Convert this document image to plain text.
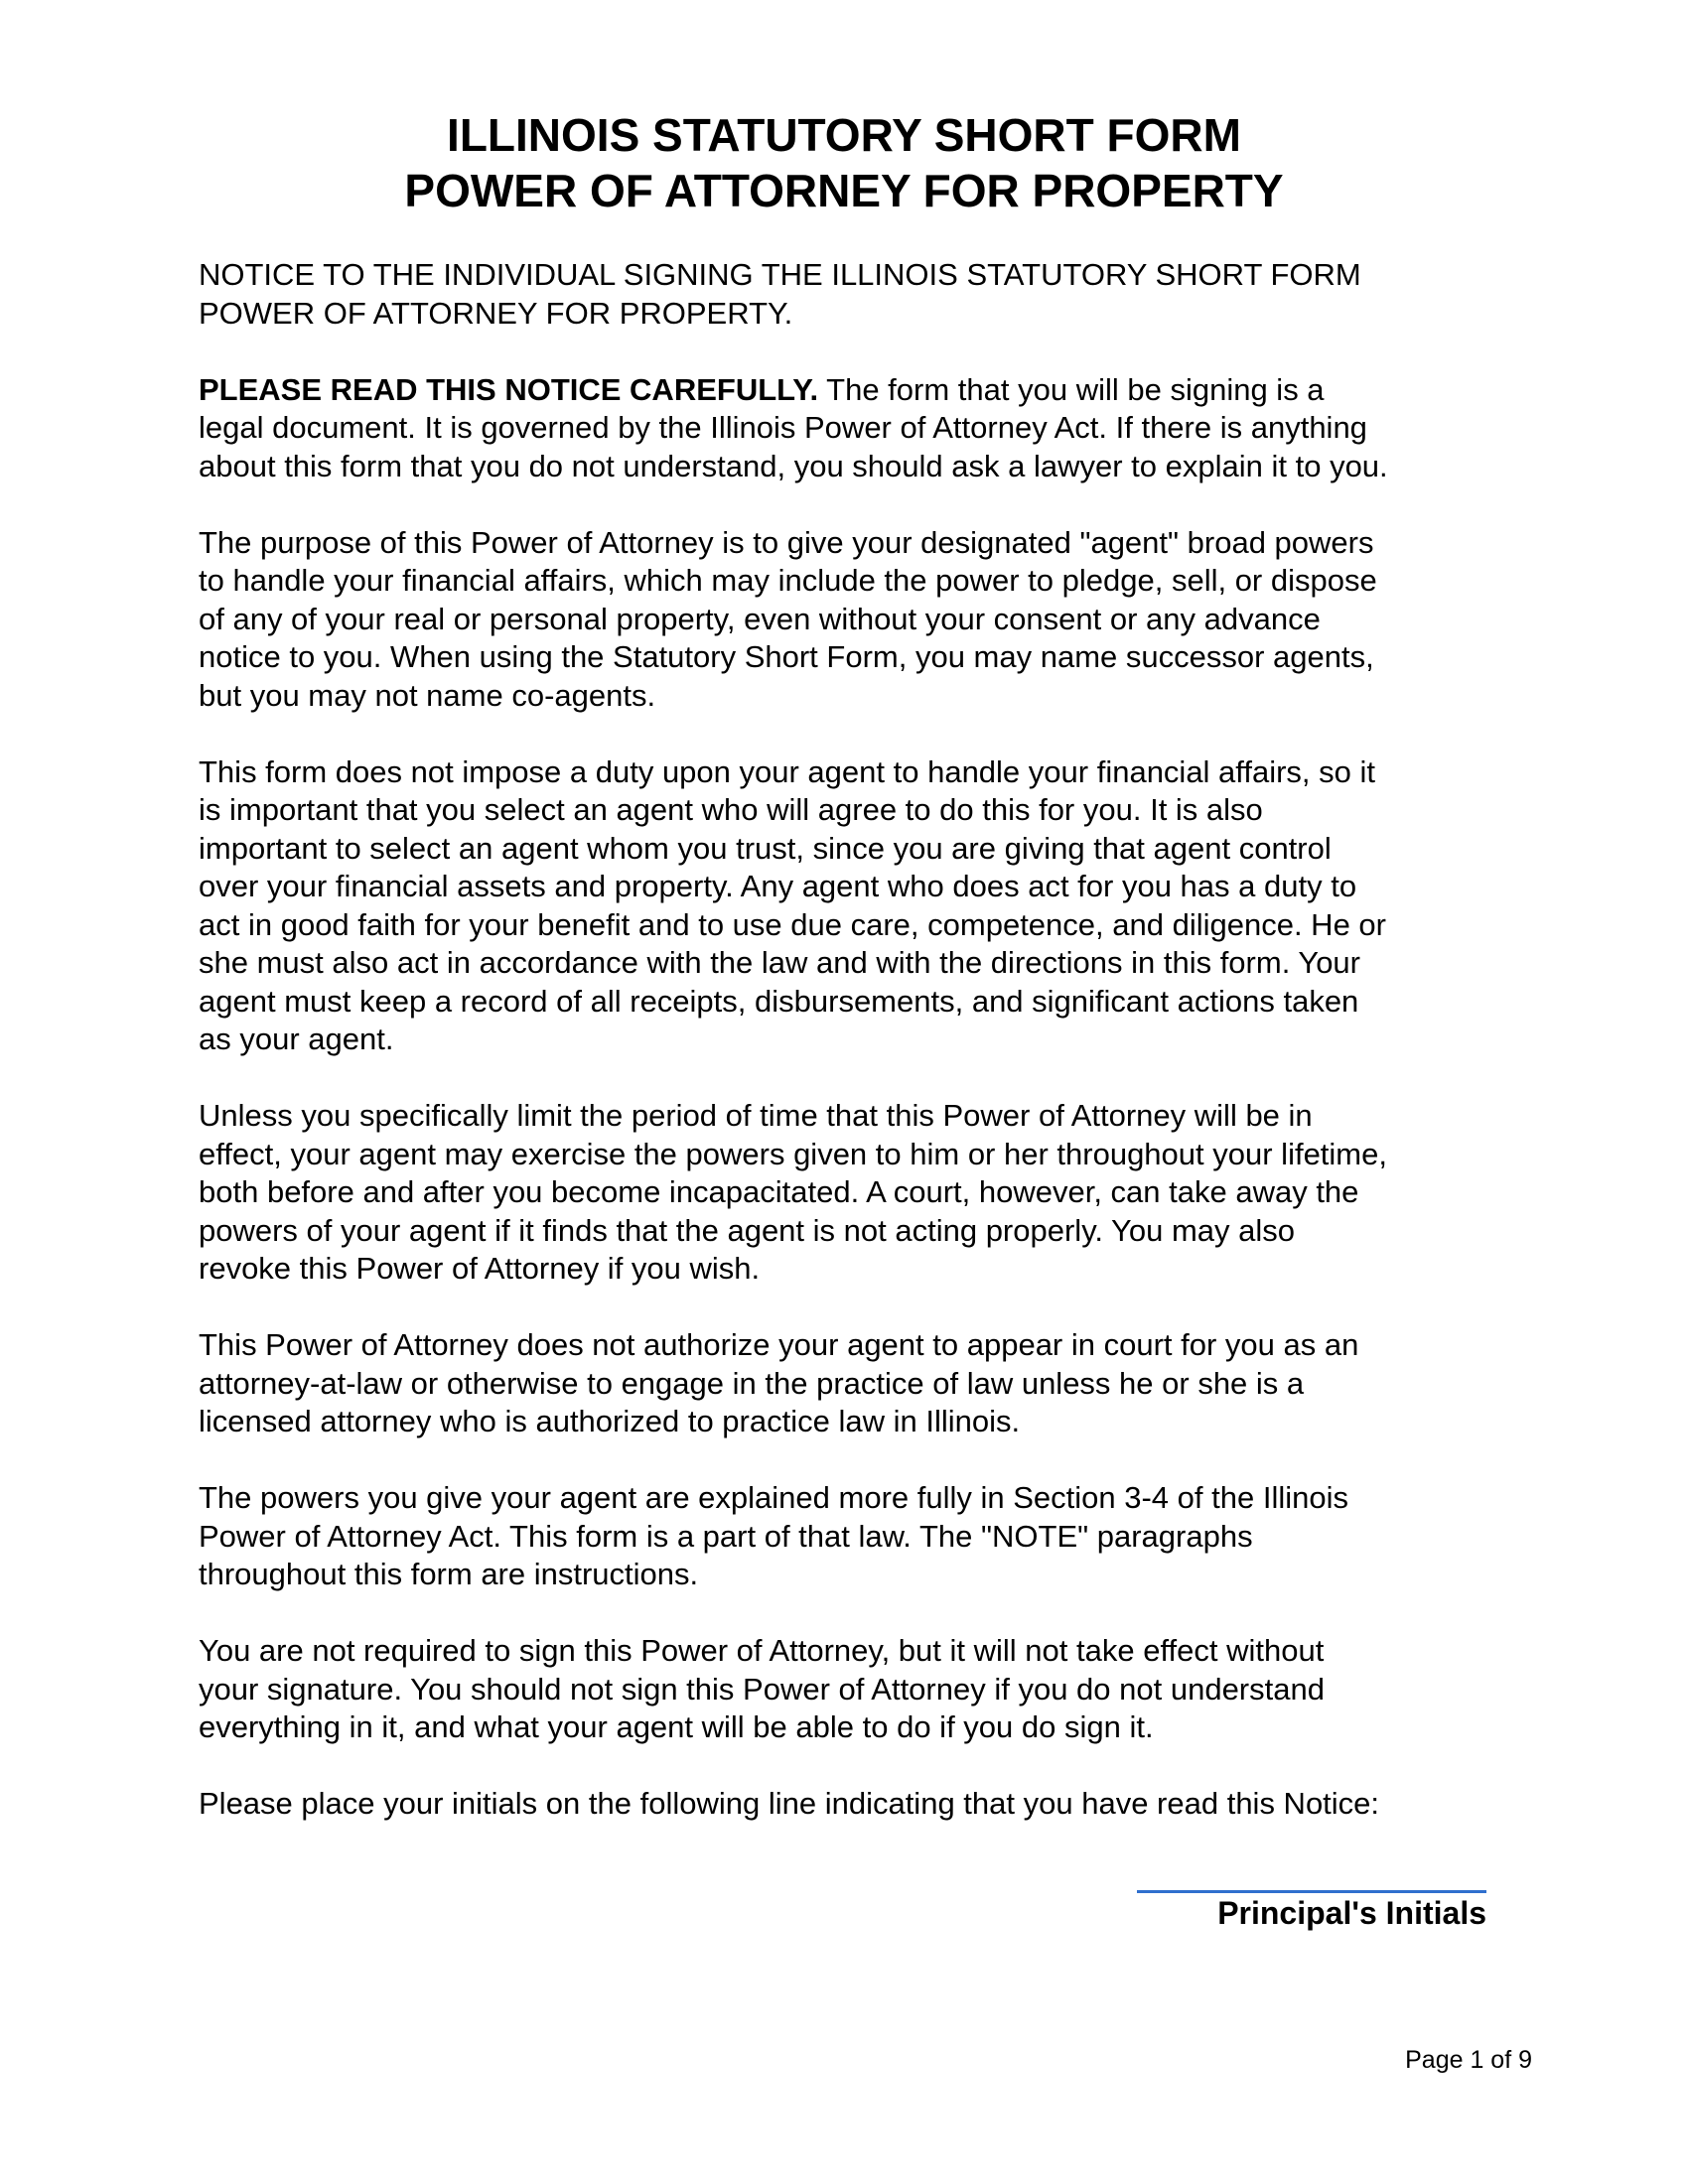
ILLINOIS STATUTORY SHORT FORM
POWER OF ATTORNEY FOR PROPERTY

NOTICE TO THE INDIVIDUAL SIGNING THE ILLINOIS STATUTORY SHORT FORM
POWER OF ATTORNEY FOR PROPERTY.

PLEASE READ THIS NOTICE CAREFULLY. The form that you will be signing is a
legal document. It is governed by the Illinois Power of Attorney Act. If there is anything
about this form that you do not understand, you should ask a lawyer to explain it to you.

The purpose of this Power of Attorney is to give your designated "agent" broad powers
to handle your financial affairs, which may include the power to pledge, sell, or dispose
of any of your real or personal property, even without your consent or any advance
notice to you. When using the Statutory Short Form, you may name successor agents,
but you may not name co-agents.

This form does not impose a duty upon your agent to handle your financial affairs, so it
is important that you select an agent who will agree to do this for you. It is also
important to select an agent whom you trust, since you are giving that agent control
over your financial assets and property. Any agent who does act for you has a duty to
act in good faith for your benefit and to use due care, competence, and diligence. He or
she must also act in accordance with the law and with the directions in this form. Your
agent must keep a record of all receipts, disbursements, and significant actions taken
as your agent.

Unless you specifically limit the period of time that this Power of Attorney will be in
effect, your agent may exercise the powers given to him or her throughout your lifetime,
both before and after you become incapacitated. A court, however, can take away the
powers of your agent if it finds that the agent is not acting properly. You may also
revoke this Power of Attorney if you wish.

This Power of Attorney does not authorize your agent to appear in court for you as an
attorney-at-law or otherwise to engage in the practice of law unless he or she is a
licensed attorney who is authorized to practice law in Illinois.

The powers you give your agent are explained more fully in Section 3-4 of the Illinois
Power of Attorney Act. This form is a part of that law. The "NOTE" paragraphs
throughout this form are instructions.

You are not required to sign this Power of Attorney, but it will not take effect without
your signature. You should not sign this Power of Attorney if you do not understand
everything in it, and what your agent will be able to do if you do sign it.

Please place your initials on the following line indicating that you have read this Notice:

Principal's Initials
Page 1 of 9
